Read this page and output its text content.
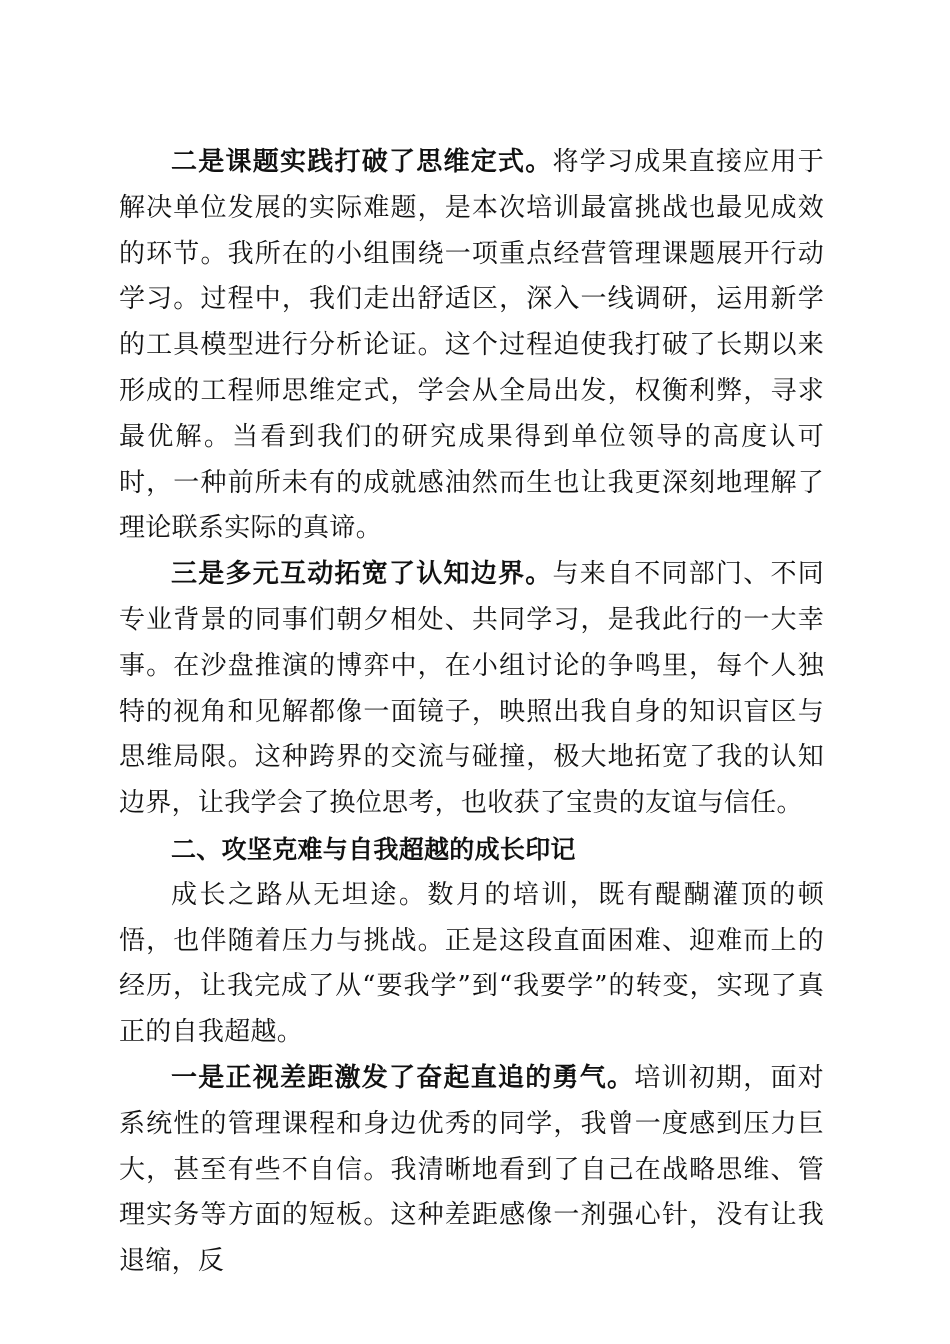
二是课题实践打破了思维定式。将学习成果直接应用于解决单位发展的实际难题，是本次培训最富挑战也最见成效的环节。我所在的小组围绕一项重点经营管理课题展开行动学习。过程中，我们走出舒适区，深入一线调研，运用新学的工具模型进行分析论证。这个过程迫使我打破了长期以来形成的工程师思维定式，学会从全局出发，权衡利弊，寻求最优解。当看到我们的研究成果得到单位领导的高度认可时，一种前所未有的成就感油然而生也让我更深刻地理解了理论联系实际的真谛。

三是多元互动拓宽了认知边界。与来自不同部门、不同专业背景的同事们朝夕相处、共同学习，是我此行的一大幸事。在沙盘推演的博弈中，在小组讨论的争鸣里，每个人独特的视角和见解都像一面镜子，映照出我自身的知识盲区与思维局限。这种跨界的交流与碰撞，极大地拓宽了我的认知边界，让我学会了换位思考，也收获了宝贵的友谊与信任。

二、攻坚克难与自我超越的成长印记

成长之路从无坦途。数月的培训，既有醍醐灌顶的顿悟，也伴随着压力与挑战。正是这段直面困难、迎难而上的经历，让我完成了从“要我学”到“我要学”的转变，实现了真正的自我超越。

一是正视差距激发了奋起直追的勇气。培训初期，面对系统性的管理课程和身边优秀的同学，我曾一度感到压力巨大，甚至有些不自信。我清晰地看到了自己在战略思维、管理实务等方面的短板。这种差距感像一剂强心针，没有让我退缩，反
